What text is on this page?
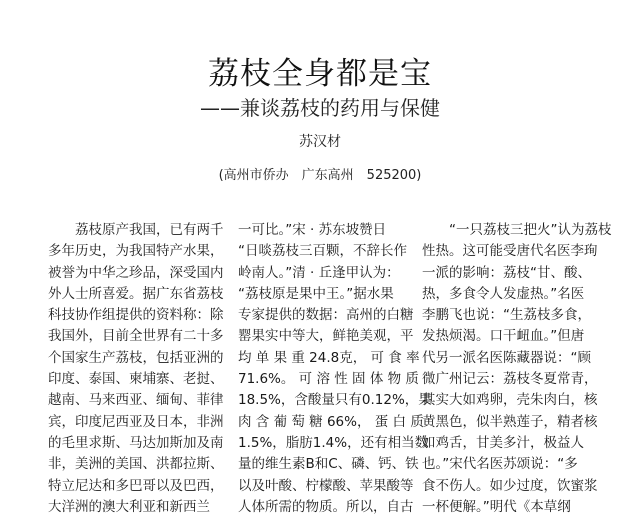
荔枝全身都是宝
——兼谈荔枝的药用与保健
苏汉材
(高州市侨办　广东高州　525200)
荔枝原产我国，已有两千
多年历史，为我国特产水果，
被誉为中华之珍品，深受国内
外人士所喜爱。据广东省荔枝
科技协作组提供的资料称：除
我国外，目前全世界有二十多
个国家生产荔枝，包括亚洲的
印度、泰国、柬埔寨、老挝、
越南、马来西亚、缅甸、菲律
宾，印度尼西亚及日本，非洲
的毛里求斯、马达加斯加及南
非，美洲的美国、洪都拉斯、
特立尼达和多巴哥以及巴西，
大洋洲的澳大利亚和新西兰
一可比。”宋 · 苏东坡赞日
“日啖荔枝三百颗，不辞长作
岭南人。”清 · 丘逢甲认为：
“荔枝原是果中王。”据水果
专家提供的数据：高州的白糖
罂果实中等大，鲜艳美观，平
均 单 果 重 24.8克， 可 食 率
71.6%。 可 溶 性 固 体 物 质
18.5%，含酸量只有0.12%，果
肉 含 葡 萄 糖 66%， 蛋 白 质
1.5%，脂肪1.4%，还有相当数
量的维生素B和C、磷、钙、铁
以及叶酸、柠檬酸、苹果酸等
人体所需的物质。所以，自古
“一只荔枝三把火”认为荔枝
性热。这可能受唐代名医李珣
一派的影响：荔枝“甘、酸、
热，多食令人发虚热。”名医
李鹏飞也说：“生荔枝多食，
发热烦渴。口干衄血。”但唐
代另一派名医陈藏器说：“顾
微广州记云：荔枝冬夏常青，
其实大如鸡卵，壳朱肉白，核
黄黑色，似半熟莲子，精者核
如鸡舌，甘美多汁，极益人
也。”宋代名医苏颂说：“多
食不伤人。如少过度，饮蜜浆
一杯便解。”明代《本草纲
